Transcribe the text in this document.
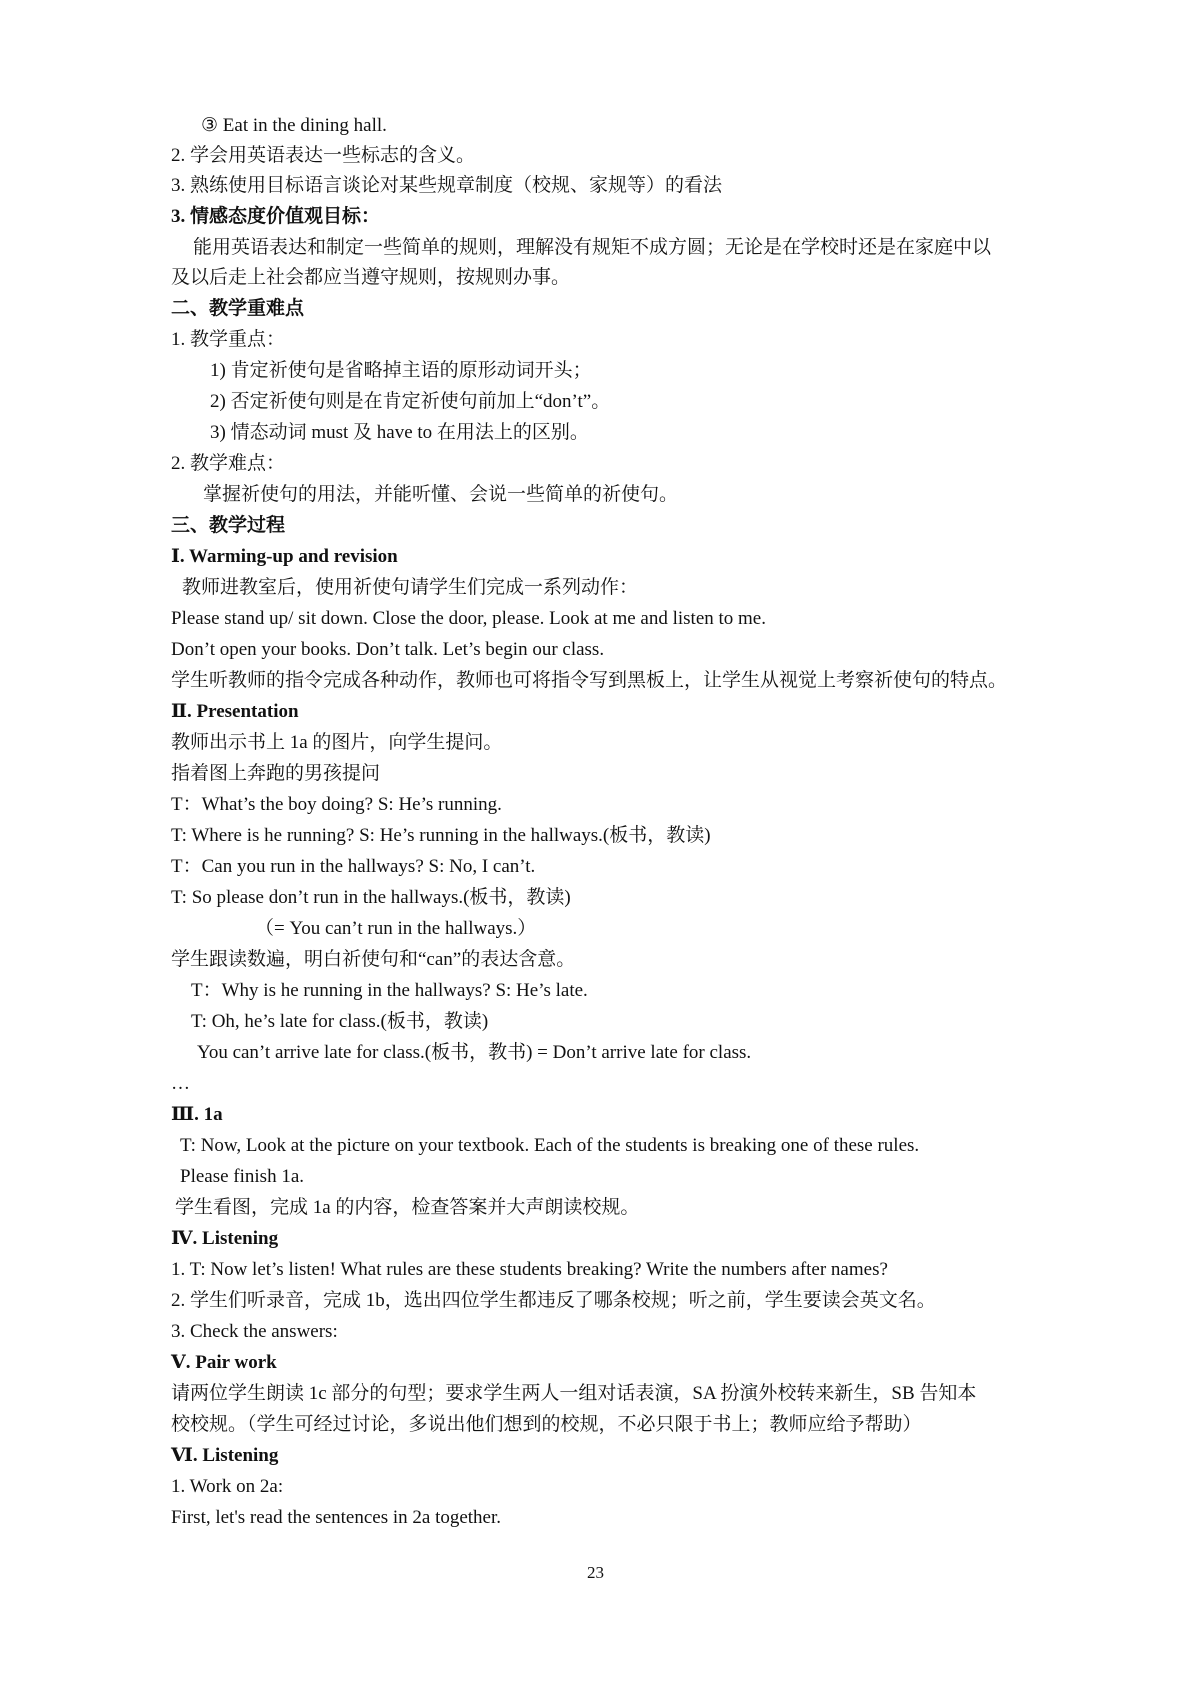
③ Eat in the dining hall.
2. 学会用英语表达一些标志的含义。
3. 熟练使用目标语言谈论对某些规章制度（校规、家规等）的看法
3. 情感态度价值观目标：
能用英语表达和制定一些简单的规则，理解没有规矩不成方圆；无论是在学校时还是在家庭中以
及以后走上社会都应当遵守规则，按规则办事。
二、教学重难点
1. 教学重点：
1) 肯定祈使句是省略掉主语的原形动词开头；
2) 否定祈使句则是在肯定祈使句前加上“don’t”。
3) 情态动词 must 及 have to 在用法上的区别。
2. 教学难点：
掌握祈使句的用法，并能听懂、会说一些简单的祈使句。
三、教学过程
Ⅰ. Warming-up and revision
教师进教室后，使用祈使句请学生们完成一系列动作：
Please stand up/ sit down. Close the door, please. Look at me and listen to me.
Don’t open your books. Don’t talk. Let’s begin our class.
学生听教师的指令完成各种动作，教师也可将指令写到黑板上，让学生从视觉上考察祈使句的特点。
Ⅱ. Presentation
教师出示书上 1a 的图片，向学生提问。
指着图上奔跑的男孩提问
T：What’s the boy doing? S: He’s running.
T: Where is he running? S: He’s running in the hallways.(板书，教读)
T：Can you run in the hallways? S: No, I can’t.
T: So please don’t run in the hallways.(板书，教读)
（= You can’t run in the hallways.）
学生跟读数遍，明白祈使句和“can”的表达含意。
T：Why is he running in the hallways? S: He’s late.
T: Oh, he’s late for class.(板书，教读)
You can’t arrive late for class.(板书，教书) = Don’t arrive late for class.
…
Ⅲ. 1a
T: Now, Look at the picture on your textbook. Each of the students is breaking one of these rules.
Please finish 1a.
学生看图，完成 1a 的内容，检查答案并大声朗读校规。
Ⅳ. Listening
1. T: Now let’s listen! What rules are these students breaking? Write the numbers after names?
2. 学生们听录音，完成 1b，选出四位学生都违反了哪条校规；听之前，学生要读会英文名。
3. Check the answers:
Ⅴ. Pair work
请两位学生朗读 1c 部分的句型；要求学生两人一组对话表演，SA 扮演外校转来新生，SB 告知本
校校规。（学生可经过讨论，多说出他们想到的校规，不必只限于书上；教师应给予帮助）
Ⅵ. Listening
1. Work on 2a:
First, let's read the sentences in 2a together.
23
